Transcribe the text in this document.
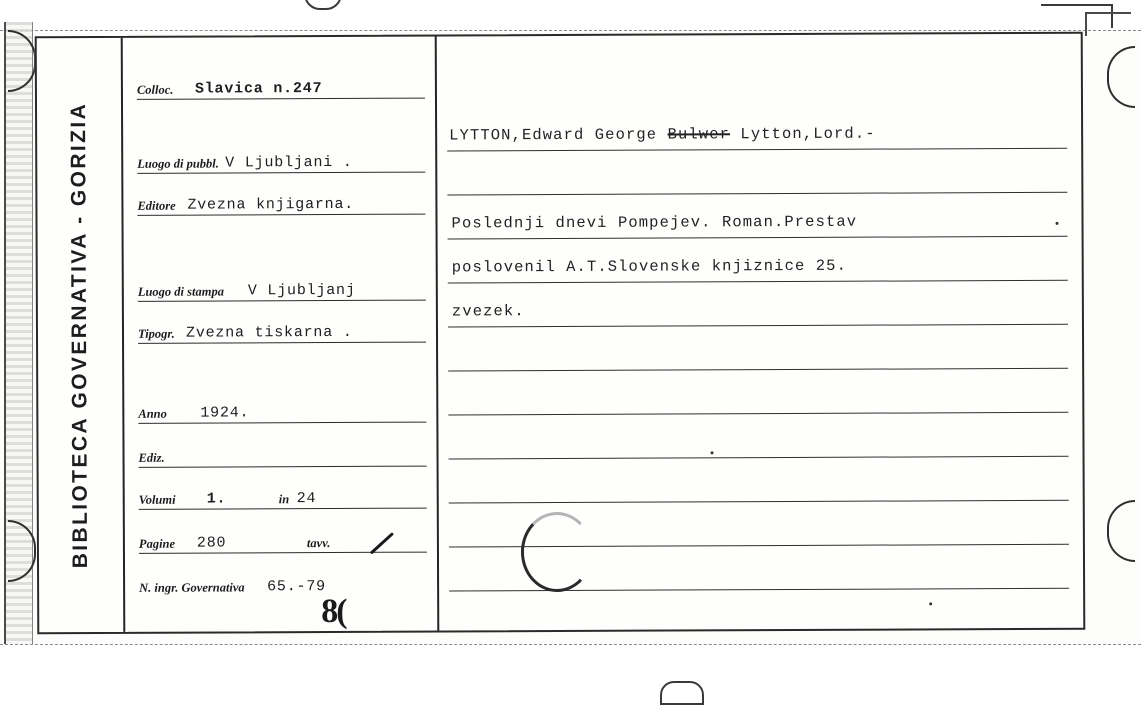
BIBLIOTECA GOVERNATIVA - GORIZIA
Colloc. Slavica n.247
Luogo di pubbl. V Ljubljani .
Editore Zvezna knjigarna.
Luogo di stampa V Ljubljanj
Tipogr. Zvezna tiskarna .
Anno 1924.
Ediz.
Volumi 1.	in 24
Pagine 280	tavv.
N. ingr. Governativa 65.-79
8(
LYTTON,Edward George Bulwer Lytton,Lord.-
Poslednji dnevi Pompejev. Roman.Prestav
poslovenil A.T.Slovenske knjiznice 25.
zvezek.
